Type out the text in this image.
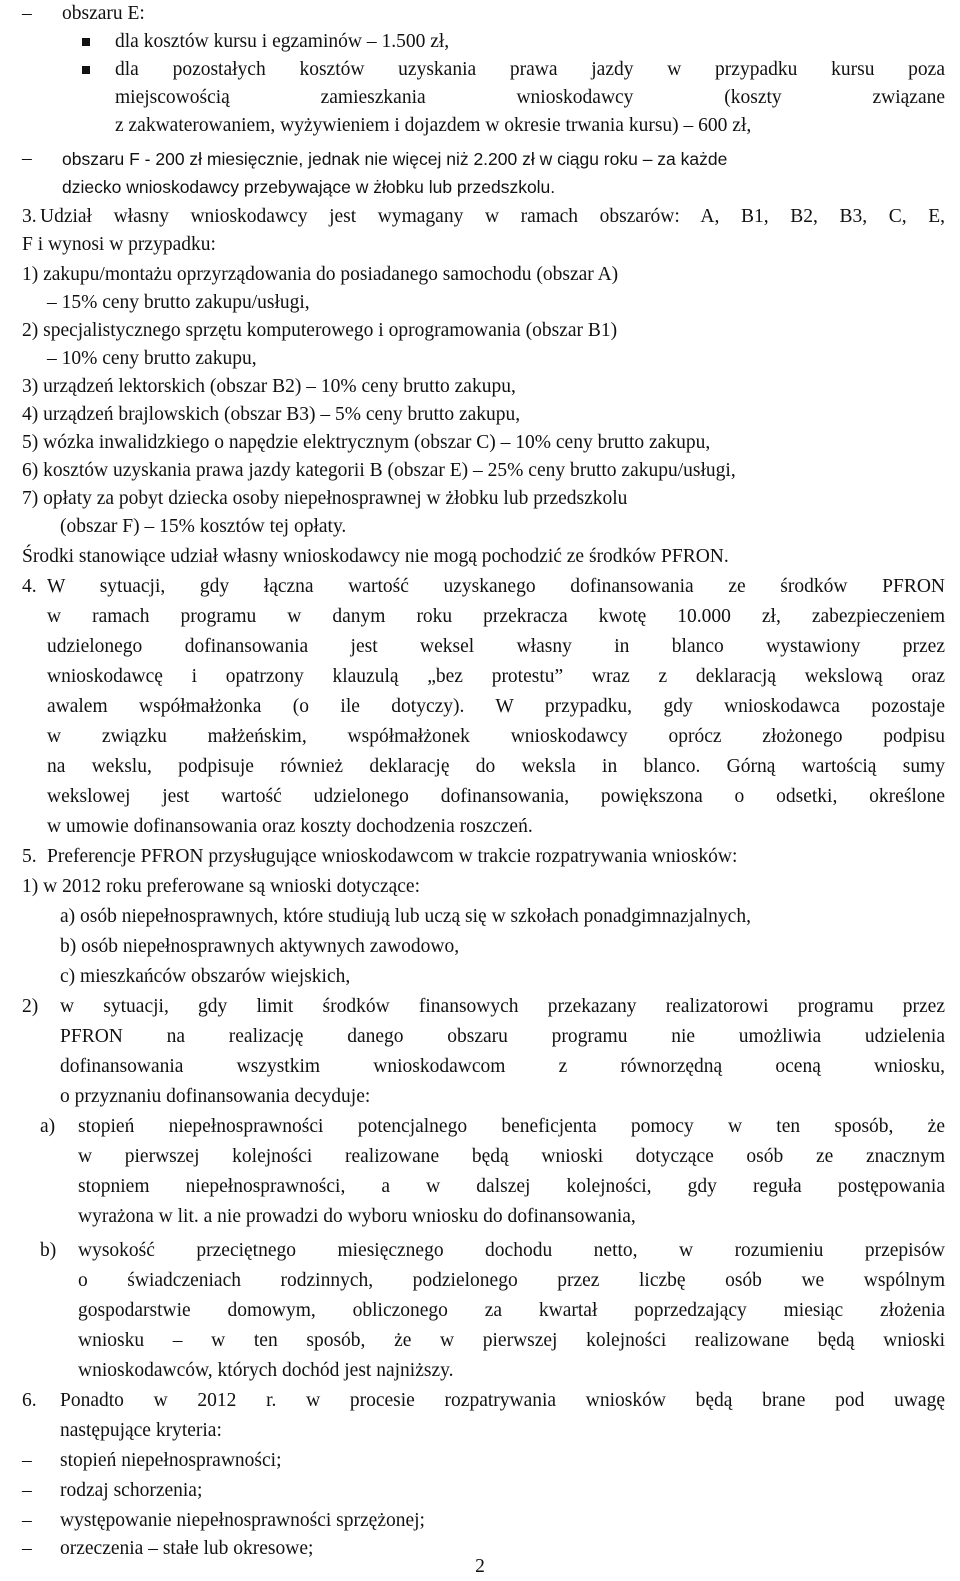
– obszaru E:
dla kosztów kursu i egzaminów – 1.500 zł,
dla pozostałych kosztów uzyskania prawa jazdy w przypadku kursu poza
miejscowością zamieszkania wnioskodawcy (koszty związane
z zakwaterowaniem, wyżywieniem i dojazdem w okresie trwania kursu) – 600 zł,
– obszaru F - 200 zł miesięcznie, jednak nie więcej niż 2.200 zł w ciągu roku – za każde
dziecko wnioskodawcy przebywające w żłobku lub przedszkolu.
3. Udział własny wnioskodawcy jest wymagany w ramach obszarów: A, B1, B2, B3, C, E,
F i wynosi w przypadku:
1) zakupu/montażu oprzyrządowania do posiadanego samochodu (obszar A)
– 15% ceny brutto zakupu/usługi,
2) specjalistycznego sprzętu komputerowego i oprogramowania (obszar B1)
– 10% ceny brutto zakupu,
3) urządzeń lektorskich (obszar B2) – 10% ceny brutto zakupu,
4) urządzeń brajlowskich (obszar B3) – 5% ceny brutto zakupu,
5) wózka inwalidzkiego o napędzie elektrycznym (obszar C) – 10% ceny brutto zakupu,
6) kosztów uzyskania prawa jazdy kategorii B (obszar E) – 25% ceny brutto zakupu/usługi,
7) opłaty za pobyt dziecka osoby niepełnosprawnej w żłobku lub przedszkolu
(obszar F) – 15% kosztów tej opłaty.
Środki stanowiące udział własny wnioskodawcy nie mogą pochodzić ze środków PFRON.
4. W sytuacji, gdy łączna wartość uzyskanego dofinansowania ze środków PFRON
w ramach programu w danym roku przekracza kwotę 10.000 zł, zabezpieczeniem
udzielonego dofinansowania jest weksel własny in blanco wystawiony przez
wnioskodawcę i opatrzony klauzulą „bez protestu” wraz z deklaracją wekslową oraz
awalem współmałżonka (o ile dotyczy). W przypadku, gdy wnioskodawca pozostaje
w związku małżeńskim, współmałżonek wnioskodawcy oprócz złożonego podpisu
na wekslu, podpisuje również deklarację do weksla in blanco. Górną wartością sumy
wekslowej jest wartość udzielonego dofinansowania, powiększona o odsetki, określone
w umowie dofinansowania oraz koszty dochodzenia roszczeń.
5. Preferencje PFRON przysługujące wnioskodawcom w trakcie rozpatrywania wniosków:
1) w 2012 roku preferowane są wnioski dotyczące:
a) osób niepełnosprawnych, które studiują lub uczą się w szkołach ponadgimnazjalnych,
b) osób niepełnosprawnych aktywnych zawodowo,
c) mieszkańców obszarów wiejskich,
2) w sytuacji, gdy limit środków finansowych przekazany realizatorowi programu przez
PFRON na realizację danego obszaru programu nie umożliwia udzielenia
dofinansowania wszystkim wnioskodawcom z równorzędną oceną wniosku,
o przyznaniu dofinansowania decyduje:
a) stopień niepełnosprawności potencjalnego beneficjenta pomocy w ten sposób, że
w pierwszej kolejności realizowane będą wnioski dotyczące osób ze znacznym
stopniem niepełnosprawności, a w dalszej kolejności, gdy reguła postępowania
wyrażona w lit. a nie prowadzi do wyboru wniosku do dofinansowania,
b) wysokość przeciętnego miesięcznego dochodu netto, w rozumieniu przepisów
o świadczeniach rodzinnych, podzielonego przez liczbę osób we wspólnym
gospodarstwie domowym, obliczonego za kwartał poprzedzający miesiąc złożenia
wniosku – w ten sposób, że w pierwszej kolejności realizowane będą wnioski
wnioskodawców, których dochód jest najniższy.
6. Ponadto w 2012 r. w procesie rozpatrywania wniosków będą brane pod uwagę
następujące kryteria:
– stopień niepełnosprawności;
– rodzaj schorzenia;
– występowanie niepełnosprawności sprzężonej;
– orzeczenia – stałe lub okresowe;
2
